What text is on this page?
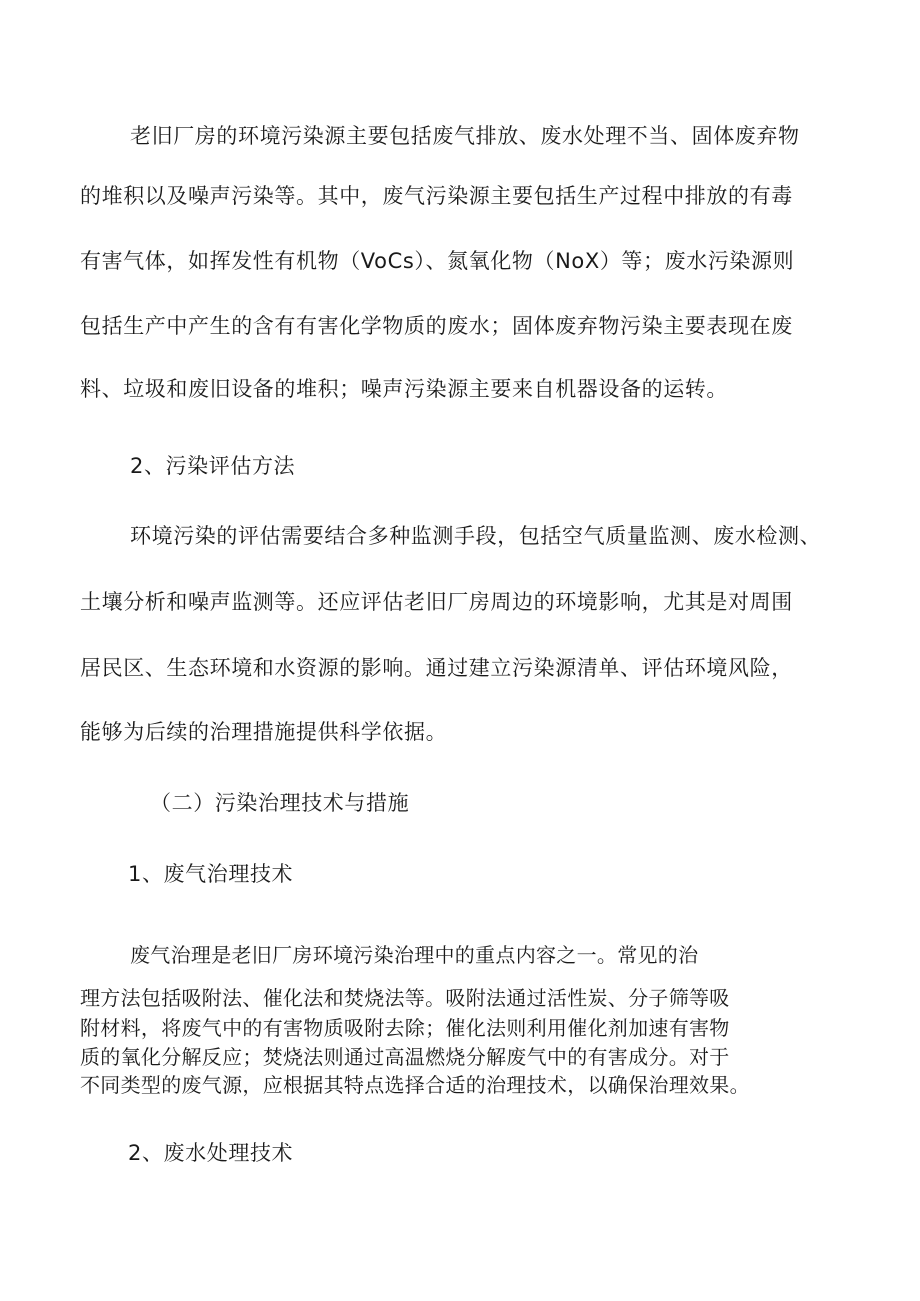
老旧厂房的环境污染源主要包括废气排放、废水处理不当、固体废弃物
的堆积以及噪声污染等。其中，废气污染源主要包括生产过程中排放的有毒
有害气体，如挥发性有机物（VoCs）、氮氧化物（NoX）等；废水污染源则
包括生产中产生的含有有害化学物质的废水；固体废弃物污染主要表现在废
料、垃圾和废旧设备的堆积；噪声污染源主要来自机器设备的运转。
2、污染评估方法
环境污染的评估需要结合多种监测手段，包括空气质量监测、废水检测、
土壤分析和噪声监测等。还应评估老旧厂房周边的环境影响，尤其是对周围
居民区、生态环境和水资源的影响。通过建立污染源清单、评估环境风险，
能够为后续的治理措施提供科学依据。
（二）污染治理技术与措施
1、废气治理技术
废气治理是老旧厂房环境污染治理中的重点内容之一。常见的治
理方法包括吸附法、催化法和焚烧法等。吸附法通过活性炭、分子筛等吸
附材料，将废气中的有害物质吸附去除；催化法则利用催化剂加速有害物
质的氧化分解反应；焚烧法则通过高温燃烧分解废气中的有害成分。对于
不同类型的废气源，应根据其特点选择合适的治理技术，以确保治理效果。
2、废水处理技术
